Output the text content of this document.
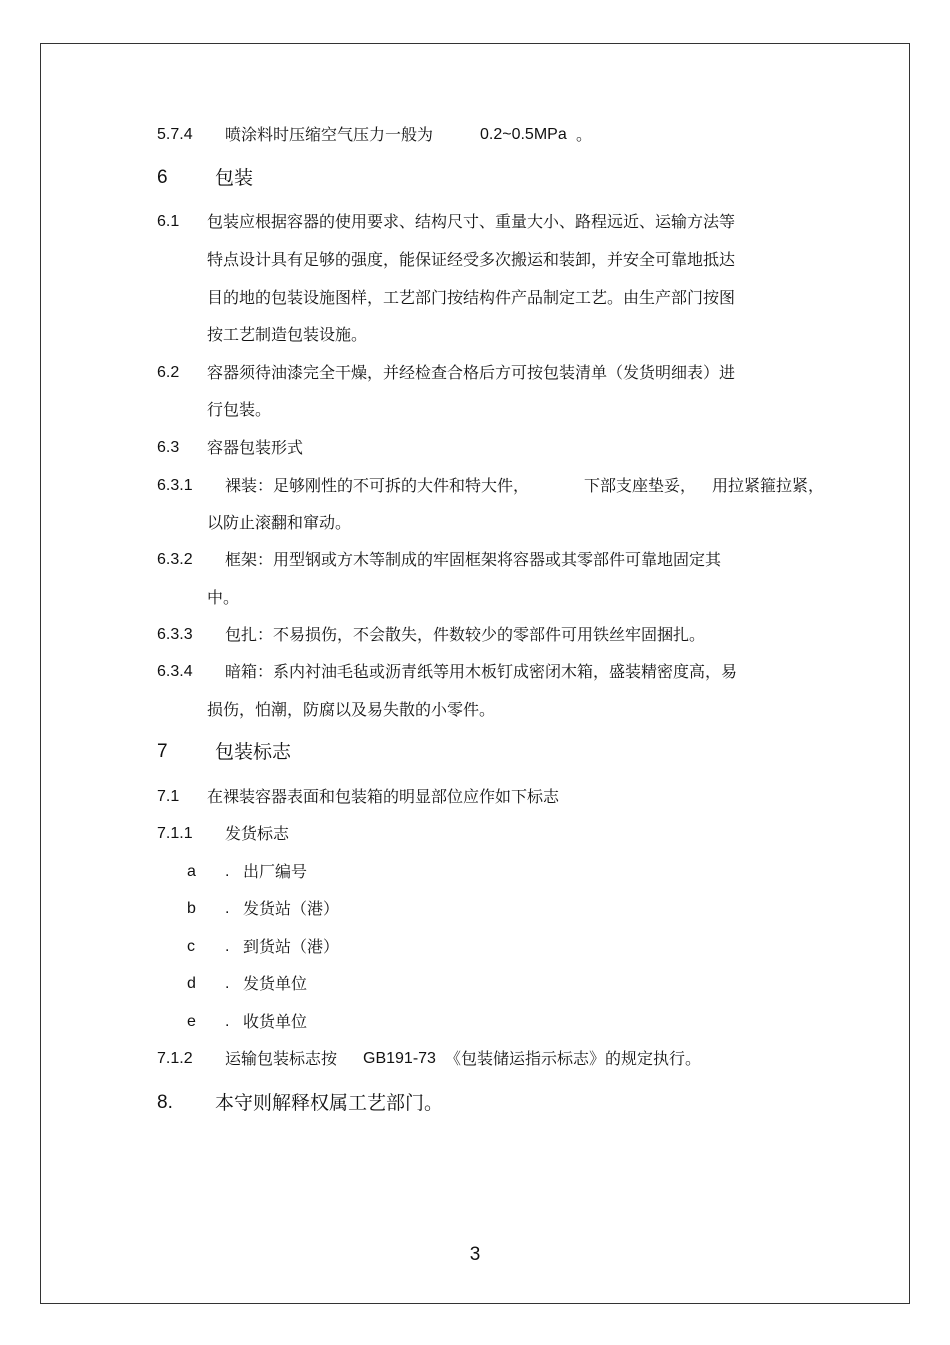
5.7.4 喷涂料时压缩空气压力一般为	0.2~0.5MPa 。
6 包装
6.1 包装应根据容器的使用要求、结构尺寸、重量大小、路程远近、运输方法等
特点设计具有足够的强度，能保证经受多次搬运和装卸，并安全可靠地抵达
目的地的包装设施图样，工艺部门按结构件产品制定工艺。由生产部门按图
按工艺制造包装设施。
6.2 容器须待油漆完全干燥，并经检查合格后方可按包装清单（发货明细表）进
行包装。
6.3 容器包装形式
6.3.1 裸装：足够刚性的不可拆的大件和特大件，	下部支座垫妥， 用拉紧箍拉紧，
以防止滚翻和窜动。
6.3.2 框架：用型钢或方木等制成的牢固框架将容器或其零部件可靠地固定其
中。
6.3.3 包扎：不易损伤，不会散失，件数较少的零部件可用铁丝牢固捆扎。
6.3.4 暗箱：系内衬油毛毡或沥青纸等用木板钉成密闭木箱，盛装精密度高，易
损伤，怕潮，防腐以及易失散的小零件。
7 包装标志
7.1 在裸装容器表面和包装箱的明显部位应作如下标志
7.1.1 发货标志
a . 出厂编号
b . 发货站（港）
c . 到货站（港）
d . 发货单位
e . 收货单位
7.1.2 运输包装标志按 GB191-73 《包装储运指示标志》的规定执行。
8. 本守则解释权属工艺部门。
3
